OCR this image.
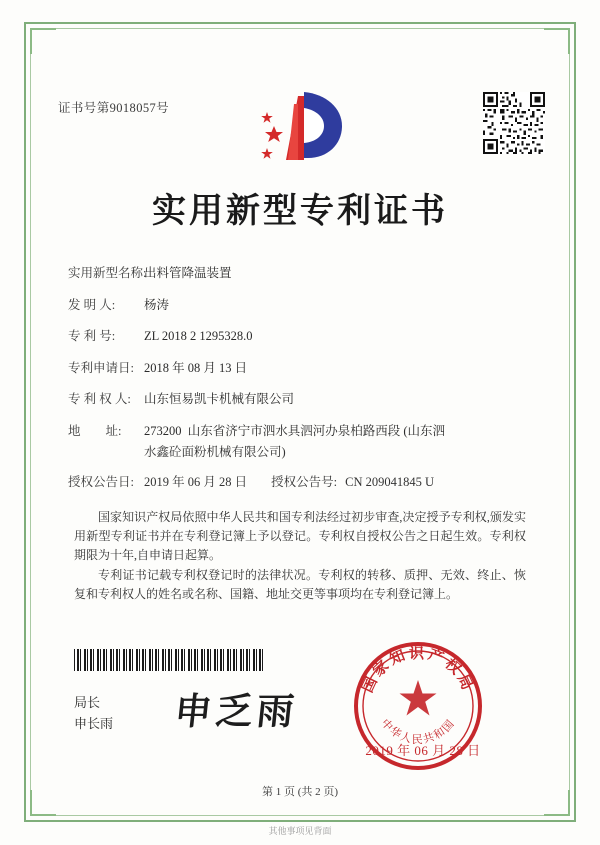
证书号第9018057号
实用新型专利证书
实用新型名称:
出料管降温装置
发 明 人:	杨涛
专 利 号:	ZL 2018 2 1295328.0
专利申请日: 2018 年 08 月 13 日
专 利 权 人:	山东恒易凯卡机械有限公司
地        址:	273200  山东省济宁市泗水具泗河办泉柏路西段 (山东泗
水鑫砼面粉机械有限公司)
授权公告日: 2019 年 06 月 28 日 授权公告号: CN 209041845 U
国家知识产权局依照中华人民共和国专利法经过初步审查,决定授予专利权,颁发实用新型专利证书并在专利登记簿上予以登记。专利权自授权公告之日起生效。专利权期限为十年,自申请日起算。
专利证书记载专利权登记时的法律状况。专利权的转移、质押、无效、终止、恢复和专利权人的姓名或名称、国籍、地址交更等事项均在专利登记簿上。
局长
申长雨 申乏雨
国家知识产权局
中华人民共和国
2019 年 06 月 28 日
第 1 页 (共 2 页)
其他事项见背面
